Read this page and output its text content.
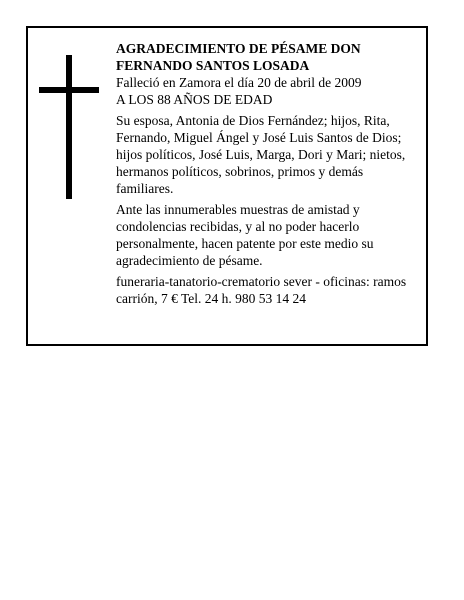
AGRADECIMIENTO DE PÉSAME DON FERNANDO SANTOS LOSADA

Falleció en Zamora el día 20 de abril de 2009

A LOS 88 AÑOS DE EDAD

Su esposa, Antonia de Dios Fernández; hijos, Rita, Fernando, Miguel Ángel y José Luis Santos de Dios; hijos políticos, José Luis, Marga, Dori y Mari; nietos, hermanos políticos, sobrinos, primos y demás familiares.

Ante las innumerables muestras de amistad y condolencias recibidas, y al no poder hacerlo personalmente, hacen patente por este medio su agradecimiento de pésame.

funeraria-tanatorio-crematorio sever - oficinas: ramos carrión, 7 € Tel. 24 h. 980 53 14 24
